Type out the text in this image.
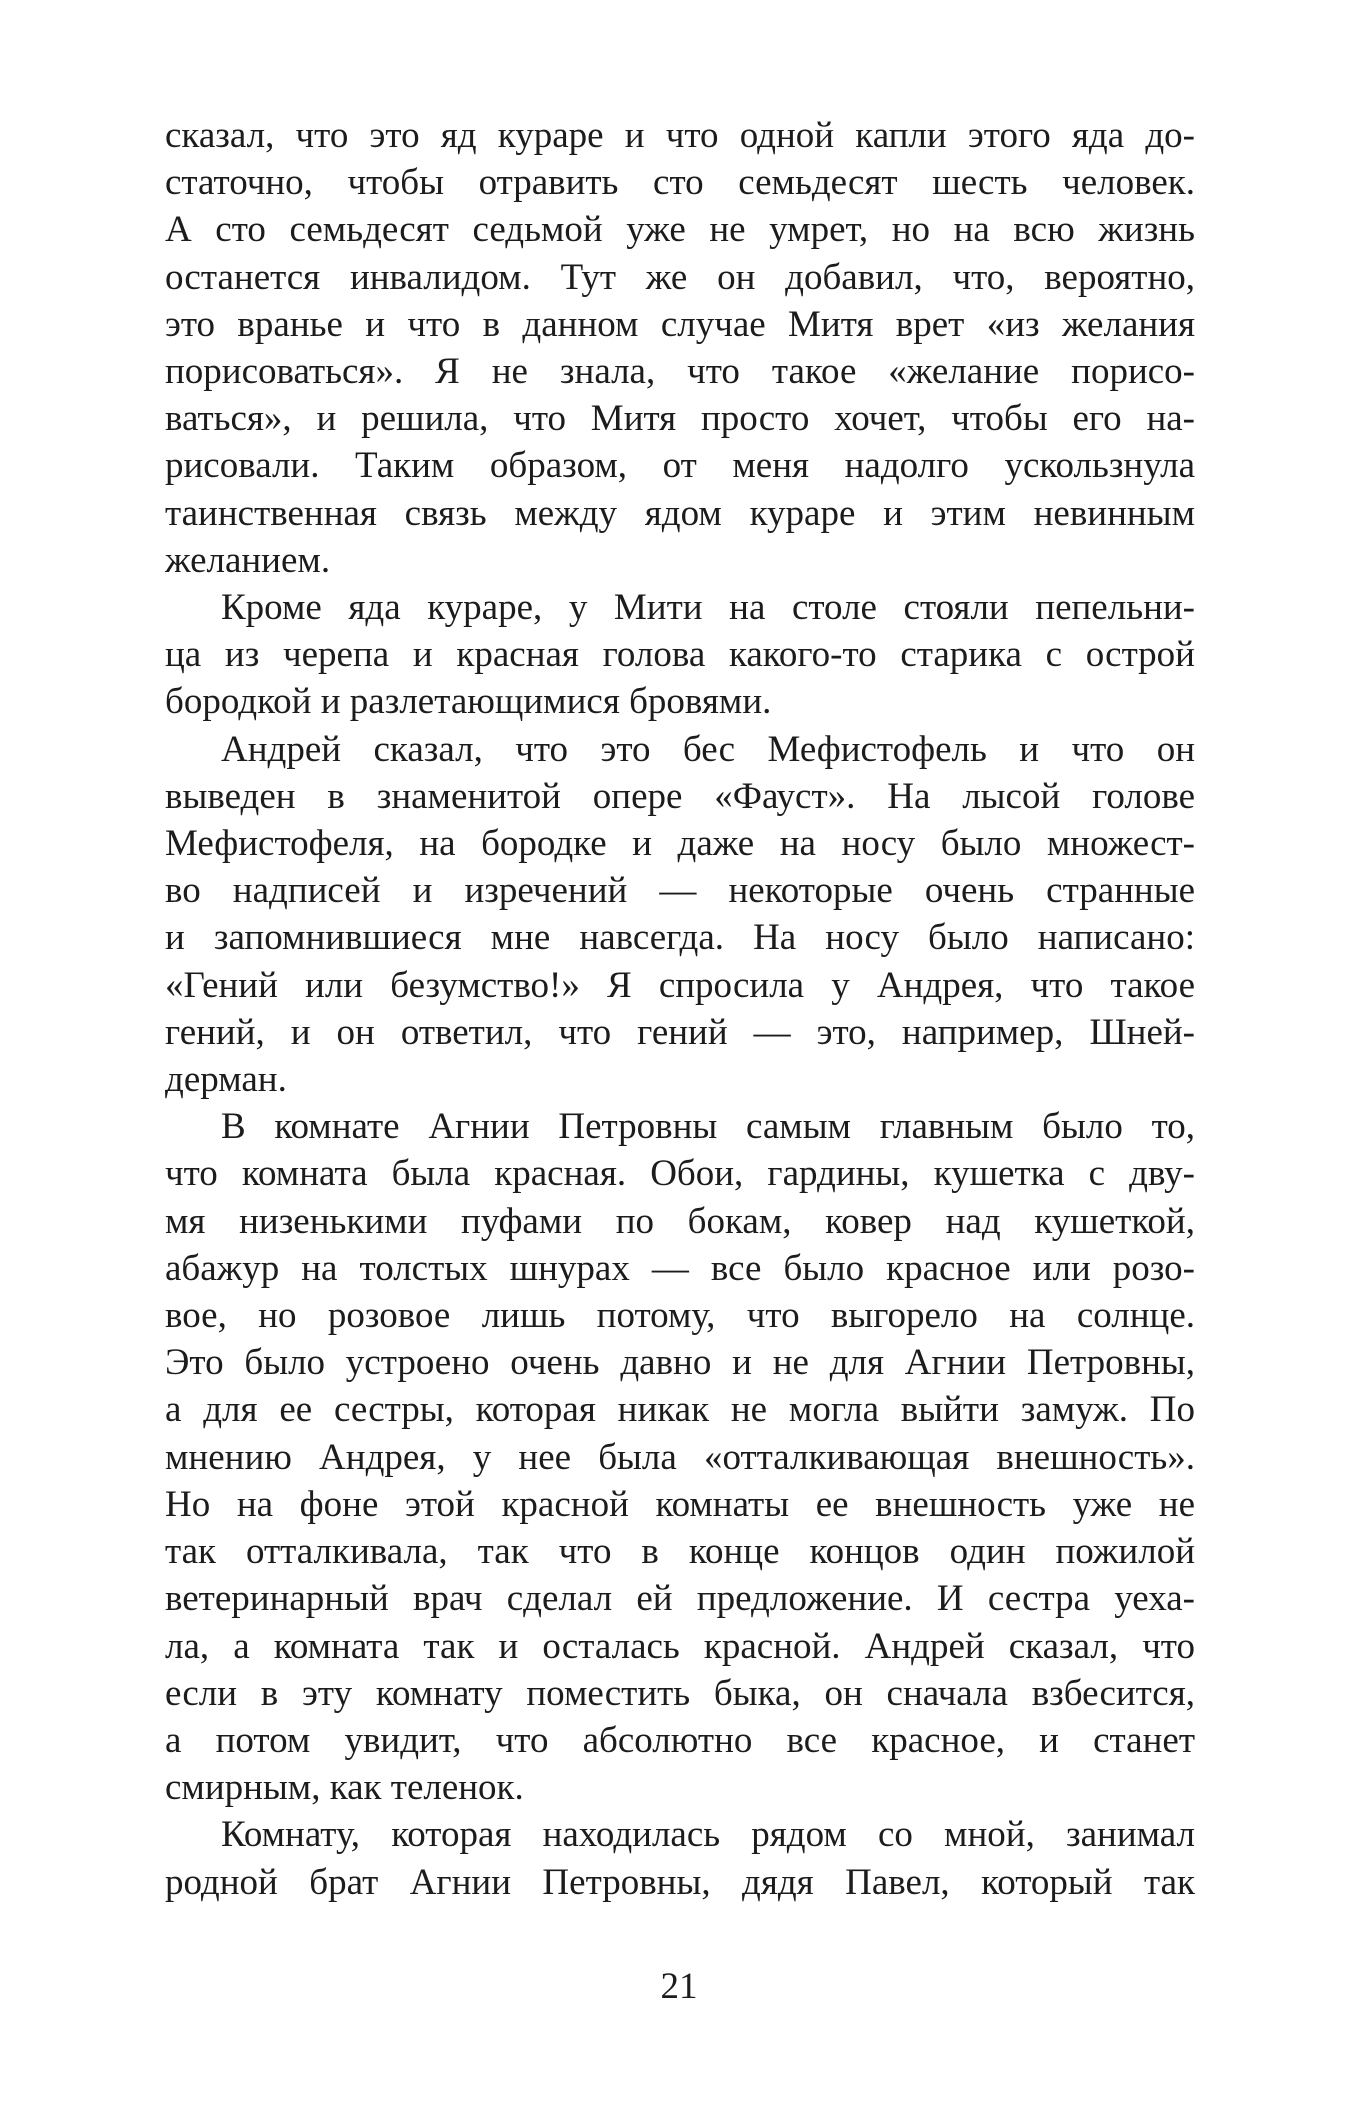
сказал, что это яд кураре и что одной капли этого яда до-
статочно, чтобы отравить сто семьдесят шесть человек.
А сто семьдесят седьмой уже не умрет, но на всю жизнь
останется инвалидом. Тут же он добавил, что, вероятно,
это вранье и что в данном случае Митя врет «из желания
порисоваться». Я не знала, что такое «желание порисо-
ваться», и решила, что Митя просто хочет, чтобы его на-
рисовали. Таким образом, от меня надолго ускользнула
таинственная связь между ядом кураре и этим невинным
желанием.

Кроме яда кураре, у Мити на столе стояли пепельни-
ца из черепа и красная голова какого-то старика с острой
бородкой и разлетающимися бровями.

Андрей сказал, что это бес Мефистофель и что он
выведен в знаменитой опере «Фауст». На лысой голове
Мефистофеля, на бородке и даже на носу было множест-
во надписей и изречений — некоторые очень странные
и запомнившиеся мне навсегда. На носу было написано:
«Гений или безумство!» Я спросила у Андрея, что такое
гений, и он ответил, что гений — это, например, Шней-
дерман.

В комнате Агнии Петровны самым главным было то,
что комната была красная. Обои, гардины, кушетка с дву-
мя низенькими пуфами по бокам, ковер над кушеткой,
абажур на толстых шнурах — все было красное или розо-
вое, но розовое лишь потому, что выгорело на солнце.
Это было устроено очень давно и не для Агнии Петровны,
а для ее сестры, которая никак не могла выйти замуж. По
мнению Андрея, у нее была «отталкивающая внешность».
Но на фоне этой красной комнаты ее внешность уже не
так отталкивала, так что в конце концов один пожилой
ветеринарный врач сделал ей предложение. И сестра уеха-
ла, а комната так и осталась красной. Андрей сказал, что
если в эту комнату поместить быка, он сначала взбесится,
а потом увидит, что абсолютно все красное, и станет
смирным, как теленок.

Комнату, которая находилась рядом со мной, занимал
родной брат Агнии Петровны, дядя Павел, который так

21
